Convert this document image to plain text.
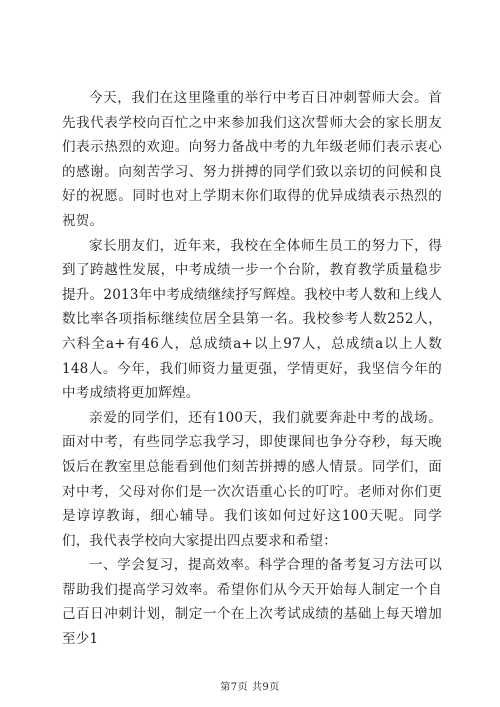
今天，我们在这里隆重的举行中考百日冲刺誓师大会。首先我代表学校向百忙之中来参加我们这次誓师大会的家长朋友们表示热烈的欢迎。向努力备战中考的九年级老师们表示衷心的感谢。向刻苦学习、努力拼搏的同学们致以亲切的问候和良好的祝愿。同时也对上学期末你们取得的优异成绩表示热烈的祝贺。

家长朋友们，近年来，我校在全体师生员工的努力下，得到了跨越性发展，中考成绩一步一个台阶，教育教学质量稳步提升。2013年中考成绩继续抒写辉煌。我校中考人数和上线人数比率各项指标继续位居全县第一名。我校参考人数252人，六科全a+有46人，总成绩a+以上97人，总成绩a以上人数148人。今年，我们师资力量更强，学情更好，我坚信今年的中考成绩将更加辉煌。

亲爱的同学们，还有100天，我们就要奔赴中考的战场。面对中考，有些同学忘我学习，即使课间也争分夺秒，每天晚饭后在教室里总能看到他们刻苦拼搏的感人情景。同学们，面对中考，父母对你们是一次次语重心长的叮咛。老师对你们更是谆谆教诲，细心辅导。我们该如何过好这100天呢。同学们，我代表学校向大家提出四点要求和希望：

一、学会复习，提高效率。科学合理的备考复习方法可以帮助我们提高学习效率。希望你们从今天开始每人制定一个自己百日冲刺计划，制定一个在上次考试成绩的基础上每天增加至少1

第7页 共9页
